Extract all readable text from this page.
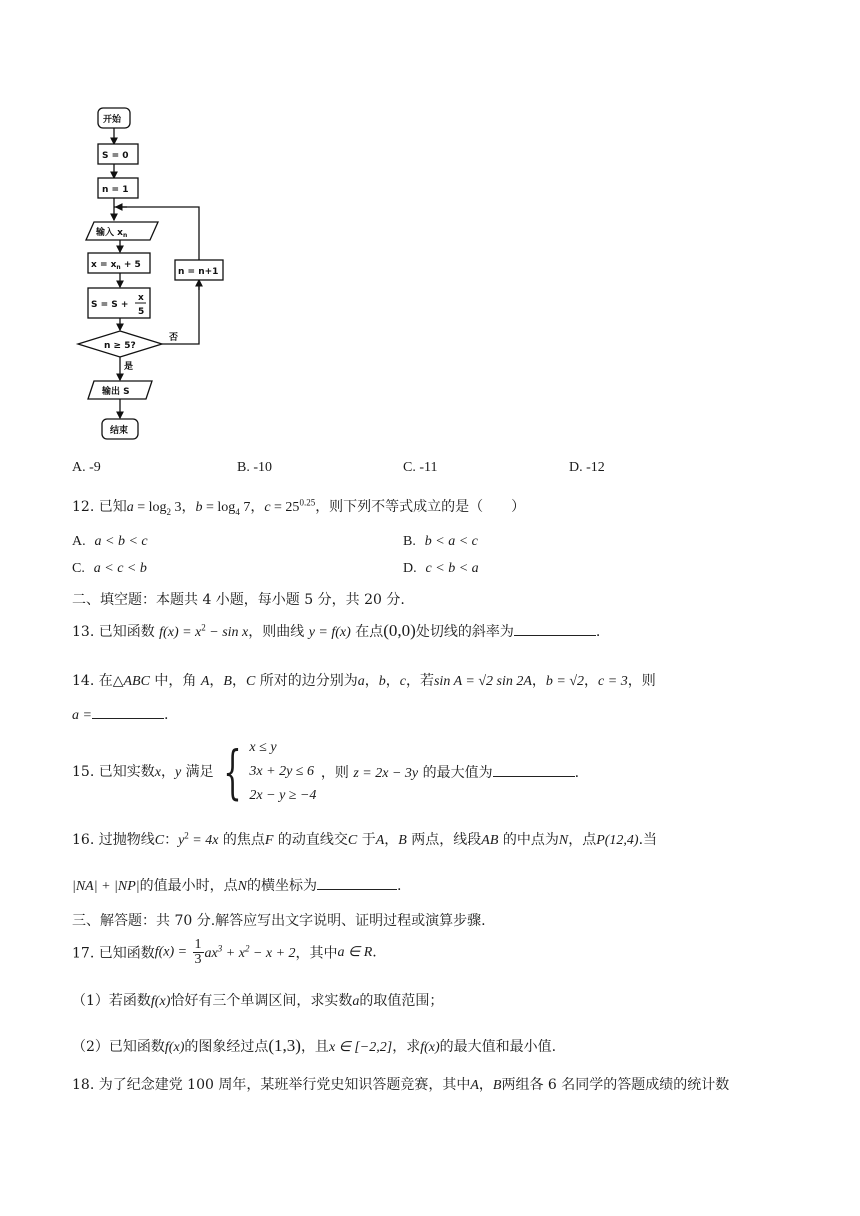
开始
S = 0
n = 1
输入 $x_n$
$x = x_n + 5$
S = S +
x
5
n = n+1
n ≥ 5?
否
是
输出 S
结束
A. -9	B. -10	C. -11	D. -12
12. 已知$a = \log_2 3$，$b = \log_4 7$，$c = 25^{0.25}$，则下列不等式成立的是（　　）
A. a < b < c	B. b < a < c
C. a < c < b	D. c < b < a
二、填空题：本题共 4 小题，每小题 5 分，共 20 分.
13. 已知函数 $f(x) = x^2 - \sin x$，则曲线 y = f(x) 在点(0,0)处切线的斜率为	.
14. 在△ABC 中，角 A，B，C 所对的边分别为a，b，c，若sin A = √2 sin 2A，b = √2，c = 3，则
a =	.
15. 已知实数x，y 满足 { x ≤ y
3x + 2y ≤ 6
2x − y ≥ −4
，则 z = 2x − 3y 的最大值为	.
16. 过抛物线C：$y^2 = 4x$ 的焦点F 的动直线交C 于A，B 两点，线段AB 的中点为N，点P(12,4).当
|NA| + |NP|的值最小时，点N的横坐标为	.
三、解答题：共 70 分.解答应写出文字说明、证明过程或演算步骤.
17. 已知函数$f(x) = \frac{1}{3} ax^3 + x^2 - x + 2$，其中a ∈ R.
（1）若函数f(x)恰好有三个单调区间，求实数a的取值范围；
（2）已知函数f(x)的图象经过点(1,3)，且x ∈ [−2,2]，求f(x)的最大值和最小值.
18. 为了纪念建党 100 周年，某班举行党史知识答题竞赛，其中A，B两组各 6 名同学的答题成绩的统计数
